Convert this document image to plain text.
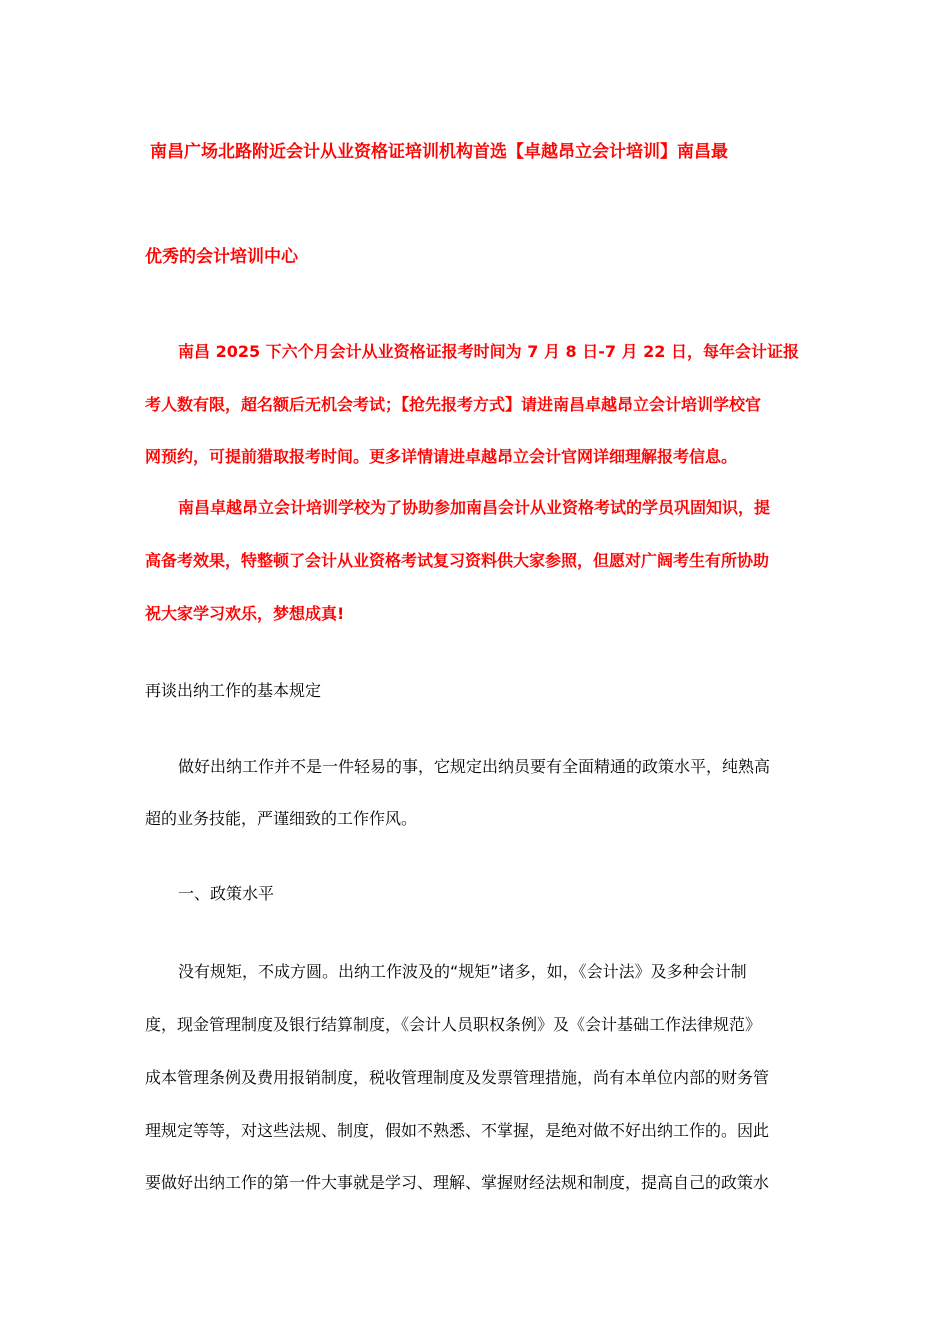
南昌广场北路附近会计从业资格证培训机构首选【卓越昂立会计培训】南昌最
优秀的会计培训中心
南昌 2025 下六个月会计从业资格证报考时间为 7 月 8 日-7 月 22 日，每年会计证报
考人数有限，超名额后无机会考试；【抢先报考方式】请进南昌卓越昂立会计培训学校官
网预约，可提前猎取报考时间。更多详情请进卓越昂立会计官网详细理解报考信息。
南昌卓越昂立会计培训学校为了协助参加南昌会计从业资格考试的学员巩固知识，提
高备考效果，特整顿了会计从业资格考试复习资料供大家参照，但愿对广阔考生有所协助
祝大家学习欢乐，梦想成真!
再谈出纳工作的基本规定
做好出纳工作并不是一件轻易的事，它规定出纳员要有全面精通的政策水平，纯熟高
超的业务技能，严谨细致的工作作风。
一、政策水平
没有规矩，不成方圆。出纳工作波及的“规矩”诸多，如，《会计法》及多种会计制
度，现金管理制度及银行结算制度，《会计人员职权条例》及《会计基础工作法律规范》
成本管理条例及费用报销制度，税收管理制度及发票管理措施，尚有本单位内部的财务管
理规定等等，对这些法规、制度，假如不熟悉、不掌握，是绝对做不好出纳工作的。因此
要做好出纳工作的第一件大事就是学习、理解、掌握财经法规和制度，提高自己的政策水
